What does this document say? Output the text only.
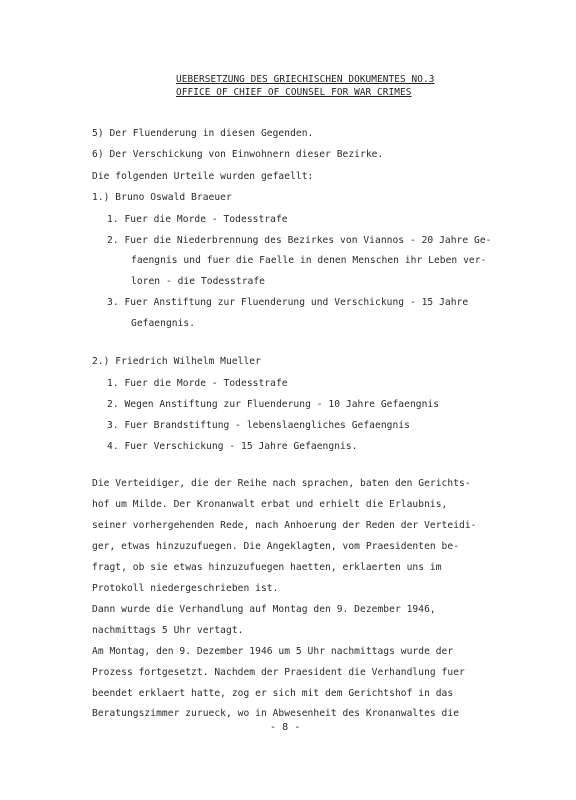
UEBERSETZUNG DES GRIECHISCHEN DOKUMENTES NO.3
OFFICE OF CHIEF OF COUNSEL FOR WAR CRIMES
5) Der Fluenderung in diesen Gegenden.
6) Der Verschickung von Einwohnern dieser Bezirke.
Die folgenden Urteile wurden gefaellt:
1.) Bruno Oswald Braeuer
1. Fuer die Morde - Todesstrafe
2. Fuer die Niederbrennung des Bezirkes von Viannos - 20 Jahre Ge-
faengnis und fuer die Faelle in denen Menschen ihr Leben ver-
loren - die Todesstrafe
3. Fuer Anstiftung zur Fluenderung und Verschickung - 15 Jahre
Gefaengnis.
2.) Friedrich Wilhelm Mueller
1. Fuer die Morde - Todesstrafe
2. Wegen Anstiftung zur Fluenderung - 10 Jahre Gefaengnis
3. Fuer Brandstiftung - lebenslaengliches Gefaengnis
4. Fuer Verschickung - 15 Jahre Gefaengnis.
Die Verteidiger, die der Reihe nach sprachen, baten den Gerichts-
hof um Milde. Der Kronanwalt erbat und erhielt die Erlaubnis,
seiner vorhergehenden Rede, nach Anhoerung der Reden der Verteidi-
ger, etwas hinzuzufuegen. Die Angeklagten, vom Praesidenten be-
fragt, ob sie etwas hinzuzufuegen haetten, erklaerten uns im
Protokoll niedergeschrieben ist.
Dann wurde die Verhandlung auf Montag den 9. Dezember 1946,
nachmittags 5 Uhr vertagt.
Am Montag, den 9. Dezember 1946 um 5 Uhr nachmittags wurde der
Prozess fortgesetzt. Nachdem der Praesident die Verhandlung fuer
beendet erklaert hatte, zog er sich mit dem Gerichtshof in das
Beratungszimmer zurueck, wo in Abwesenheit des Kronanwaltes die
- 8 -
